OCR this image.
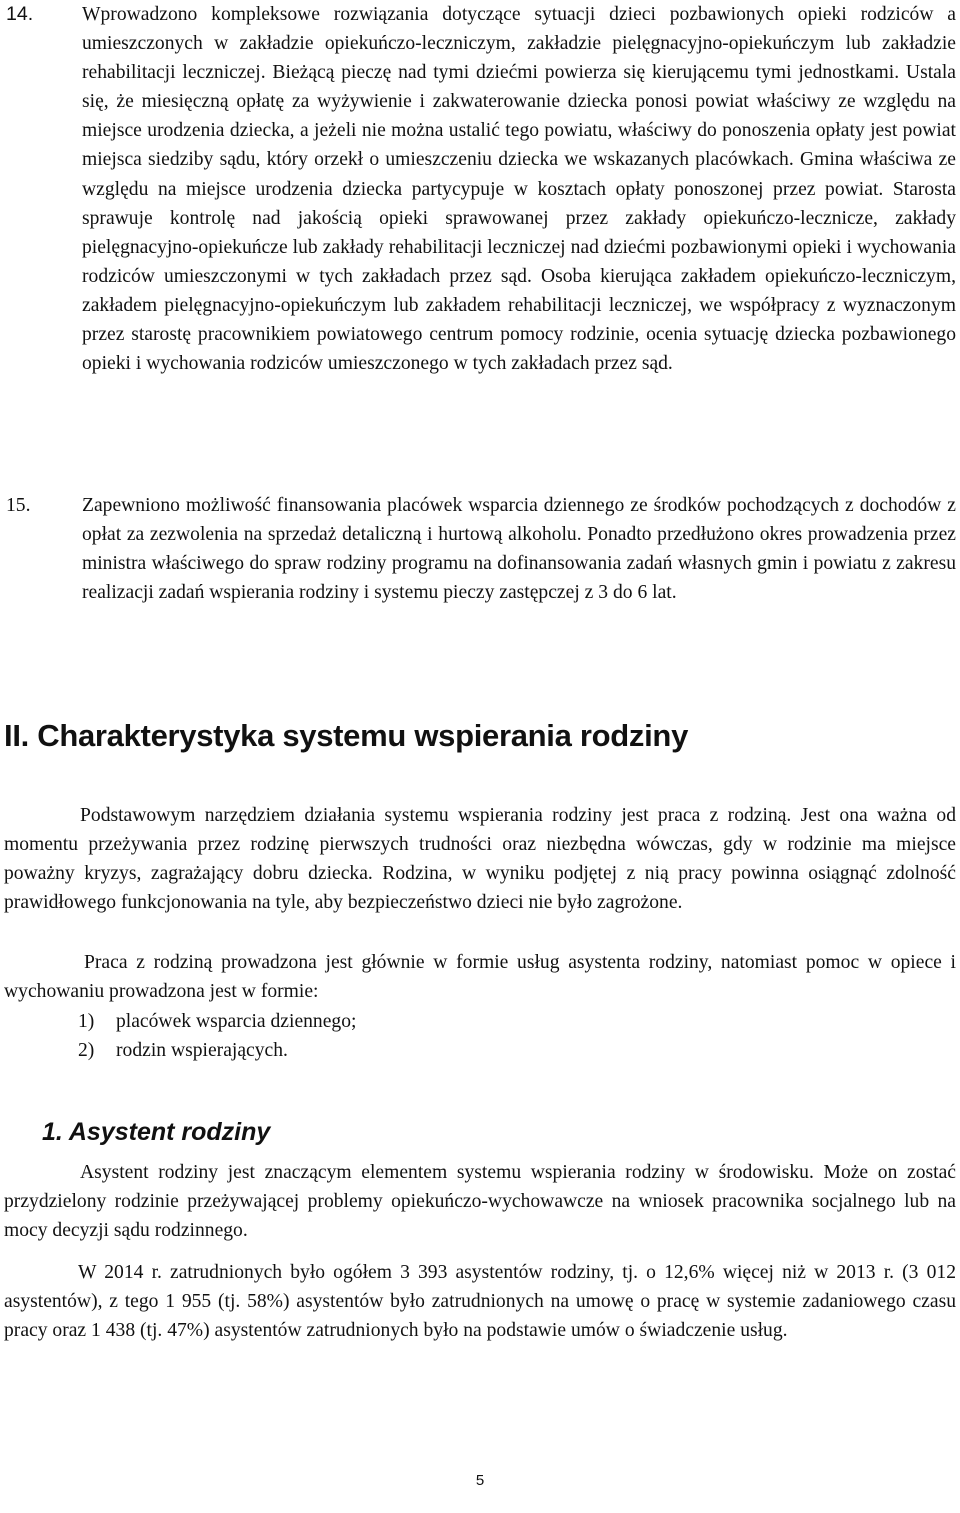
14.	Wprowadzono kompleksowe rozwiązania dotyczące sytuacji dzieci pozbawionych opieki rodziców a umieszczonych w zakładzie opiekuńczo-leczniczym, zakładzie pielęgnacyjno-opiekuńczym lub zakładzie rehabilitacji leczniczej. Bieżącą pieczę nad tymi dziećmi powierza się kierującemu tymi jednostkami. Ustala się, że miesięczną opłatę za wyżywienie i zakwaterowanie dziecka ponosi powiat właściwy ze względu na miejsce urodzenia dziecka, a jeżeli nie można ustalić tego powiatu, właściwy do ponoszenia opłaty jest powiat miejsca siedziby sądu, który orzekł o umieszczeniu dziecka we wskazanych placówkach. Gmina właściwa ze względu na miejsce urodzenia dziecka partycypuje w kosztach opłaty ponoszonej przez powiat. Starosta sprawuje kontrolę nad jakością opieki sprawowanej przez zakłady opiekuńczo-lecznicze, zakłady pielęgnacyjno-opiekuńcze lub zakłady rehabilitacji leczniczej nad dziećmi pozbawionymi opieki i wychowania rodziców umieszczonymi w tych zakładach przez sąd. Osoba kierująca zakładem opiekuńczo-leczniczym, zakładem pielęgnacyjno-opiekuńczym lub zakładem rehabilitacji leczniczej, we współpracy z wyznaczonym przez starostę pracownikiem powiatowego centrum pomocy rodzinie, ocenia sytuację dziecka pozbawionego opieki i wychowania rodziców umieszczonego w tych zakładach przez sąd.

15.	Zapewniono możliwość finansowania placówek wsparcia dziennego ze środków pochodzących z dochodów z opłat za zezwolenia na sprzedaż detaliczną i hurtową alkoholu. Ponadto przedłużono okres prowadzenia przez ministra właściwego do spraw rodziny programu na dofinansowania zadań własnych gmin i powiatu z zakresu realizacji zadań wspierania rodziny i systemu pieczy zastępczej z 3 do 6 lat.

II. Charakterystyka systemu wspierania rodziny

Podstawowym narzędziem działania systemu wspierania rodziny jest praca z rodziną. Jest ona ważna od momentu przeżywania przez rodzinę pierwszych trudności oraz niezbędna wówczas, gdy w rodzinie ma miejsce poważny kryzys, zagrażający dobru dziecka. Rodzina, w wyniku podjętej z nią pracy powinna osiągnąć zdolność prawidłowego funkcjonowania na tyle, aby bezpieczeństwo dzieci nie było zagrożone.

Praca z rodziną prowadzona jest głównie w formie usług asystenta rodziny, natomiast pomoc w opiece i wychowaniu prowadzona jest w formie:

1)	placówek wsparcia dziennego;
2)	rodzin wspierających.
1. Asystent rodziny

Asystent rodziny jest znaczącym elementem systemu wspierania rodziny w środowisku. Może on zostać przydzielony rodzinie przeżywającej problemy opiekuńczo-wychowawcze na wniosek pracownika socjalnego lub na mocy decyzji sądu rodzinnego.

W 2014 r. zatrudnionych było ogółem 3 393 asystentów rodziny, tj. o 12,6% więcej niż w 2013 r. (3 012 asystentów), z tego 1 955 (tj. 58%) asystentów było zatrudnionych na umowę o pracę w systemie zadaniowego czasu pracy oraz 1 438 (tj. 47%) asystentów zatrudnionych było na podstawie umów o świadczenie usług.

5
